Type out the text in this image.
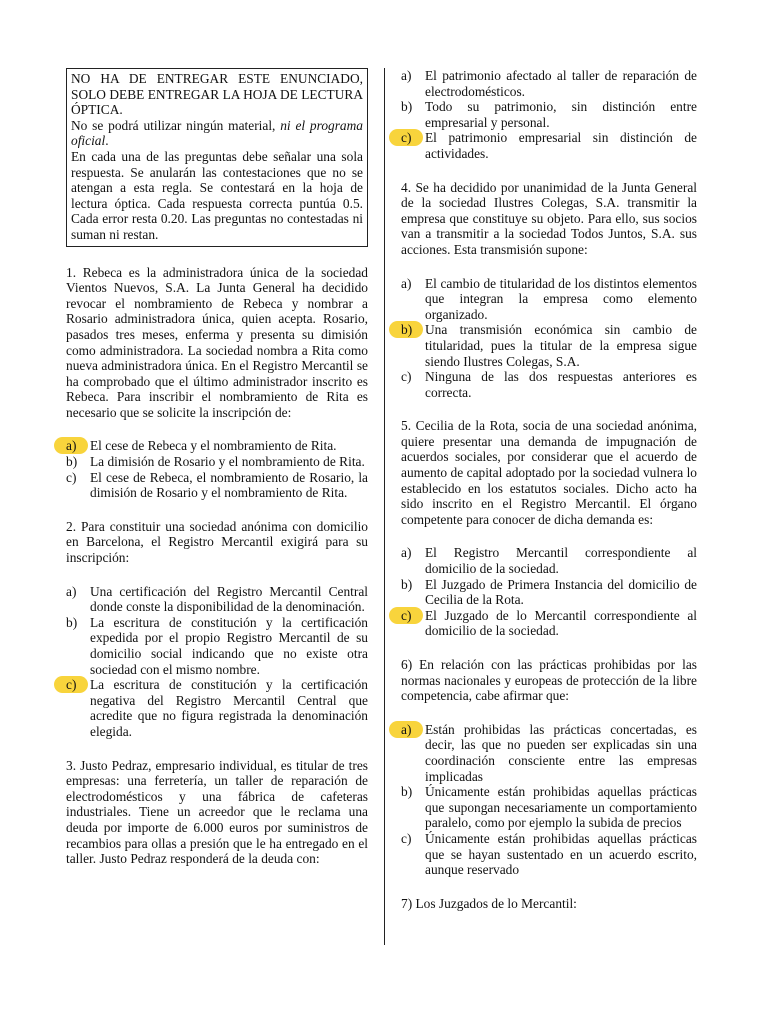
NO HA DE ENTREGAR ESTE ENUNCIADO, SOLO DEBE ENTREGAR LA HOJA DE LECTURA ÓPTICA.

No se podrá utilizar ningún material, ni el programa oficial.

En cada una de las preguntas debe señalar una sola respuesta. Se anularán las contestaciones que no se atengan a esta regla. Se contestará en la hoja de lectura óptica. Cada respuesta correcta puntúa 0.5. Cada error resta 0.20. Las preguntas no contestadas ni suman ni restan.

1. Rebeca es la administradora única de la sociedad Vientos Nuevos, S.A. La Junta General ha decidido revocar el nombramiento de Rebeca y nombrar a Rosario administradora única, quien acepta. Rosario, pasados tres meses, enferma y presenta su dimisión como administradora. La sociedad nombra a Rita como nueva administradora única. En el Registro Mercantil se ha comprobado que el último administrador inscrito es Rebeca. Para inscribir el nombramiento de Rita es necesario que se solicite la inscripción de:

a)	El cese de Rebeca y el nombramiento de Rita.
b) La dimisión de Rosario y el nombramiento de Rita.
c)	El cese de Rebeca, el nombramiento de Rosario, la dimisión de Rosario y el nombramiento de Rita.

2. Para constituir una sociedad anónima con domicilio en Barcelona, el Registro Mercantil exigirá para su inscripción:

a)	Una certificación del Registro Mercantil Central donde conste la disponibilidad de la denominación.
b) La escritura de constitución y la certificación expedida por el propio Registro Mercantil de su domicilio social indicando que no existe otra sociedad con el mismo nombre.
c)	La escritura de constitución y la certificación negativa del Registro Mercantil Central que acredite que no figura registrada la denominación elegida.

3. Justo Pedraz, empresario individual, es titular de tres empresas: una ferretería, un taller de reparación de electrodomésticos y una fábrica de cafeteras industriales. Tiene un acreedor que le reclama una deuda por importe de 6.000 euros por suministros de recambios para ollas a presión que le ha entregado en el taller. Justo Pedraz responderá de la deuda con:

a)	El patrimonio afectado al taller de reparación de electrodomésticos.
b) Todo su patrimonio, sin distinción entre empresarial y personal.
c)	El patrimonio empresarial sin distinción de actividades.

4. Se ha decidido por unanimidad de la Junta General de la sociedad Ilustres Colegas, S.A. transmitir la empresa que constituye su objeto. Para ello, sus socios van a transmitir a la sociedad Todos Juntos, S.A. sus acciones. Esta transmisión supone:

a)	El cambio de titularidad de los distintos elementos que integran la empresa como elemento organizado.
b) Una transmisión económica sin cambio de titularidad, pues la titular de la empresa sigue siendo Ilustres Colegas, S.A.
c)	Ninguna de las dos respuestas anteriores es correcta.

5. Cecilia de la Rota, socia de una sociedad anónima, quiere presentar una demanda de impugnación de acuerdos sociales, por considerar que el acuerdo de aumento de capital adoptado por la sociedad vulnera lo establecido en los estatutos sociales. Dicho acto ha sido inscrito en el Registro Mercantil. El órgano competente para conocer de dicha demanda es:

a)	El Registro Mercantil correspondiente al domicilio de la sociedad.
b) El Juzgado de Primera Instancia del domicilio de Cecilia de la Rota.
c)	El Juzgado de lo Mercantil correspondiente al domicilio de la sociedad.

6) En relación con las prácticas prohibidas por las normas nacionales y europeas de protección de la libre competencia, cabe afirmar que:

a)	Están prohibidas las prácticas concertadas, es decir, las que no pueden ser explicadas sin una coordinación consciente entre las empresas implicadas
b) Únicamente están prohibidas aquellas prácticas que supongan necesariamente un comportamiento paralelo, como por ejemplo la subida de precios
c)	Únicamente están prohibidas aquellas prácticas que se hayan sustentado en un acuerdo escrito, aunque reservado

7) Los Juzgados de lo Mercantil:
